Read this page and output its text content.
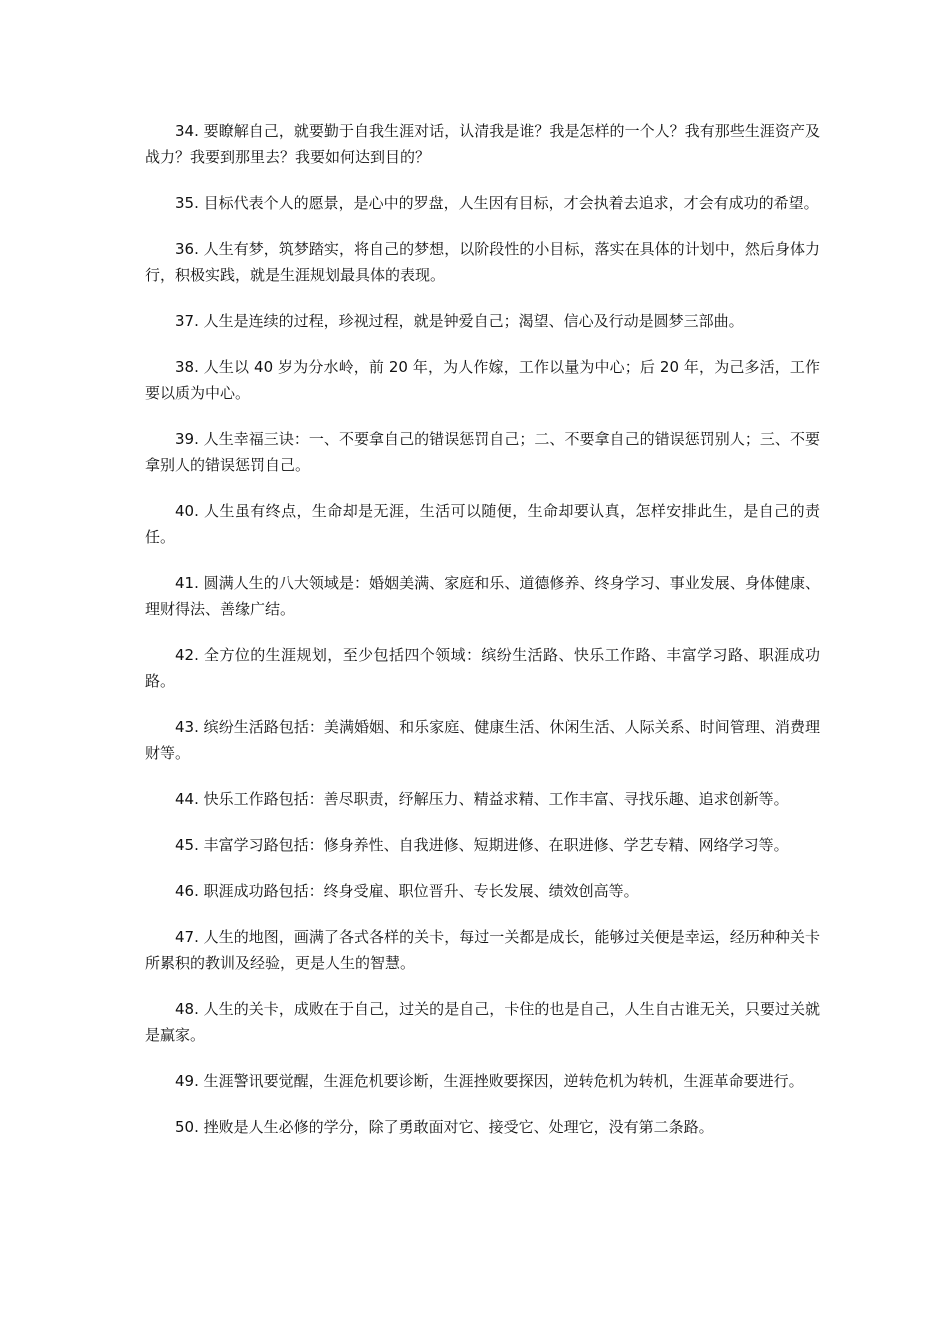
34. 要瞭解自己，就要勤于自我生涯对话，认清我是谁？我是怎样的一个人？我有那些生涯资产及战力？我要到那里去？我要如何达到目的？

35. 目标代表个人的愿景，是心中的罗盘，人生因有目标，才会执着去追求，才会有成功的希望。

36. 人生有梦，筑梦踏实，将自己的梦想，以阶段性的小目标，落实在具体的计划中，然后身体力行，积极实践，就是生涯规划最具体的表现。

37. 人生是连续的过程，珍视过程，就是钟爱自己；渴望、信心及行动是圆梦三部曲。

38. 人生以 40 岁为分水岭，前 20 年，为人作嫁，工作以量为中心；后 20 年，为己多活，工作要以质为中心。

39. 人生幸福三诀：一、不要拿自己的错误惩罚自己；二、不要拿自己的错误惩罚别人；三、不要拿别人的错误惩罚自己。

40. 人生虽有终点，生命却是无涯，生活可以随便，生命却要认真，怎样安排此生，是自己的责任。

41. 圆满人生的八大领域是：婚姻美满、家庭和乐、道德修养、终身学习、事业发展、身体健康、理财得法、善缘广结。

42. 全方位的生涯规划，至少包括四个领域：缤纷生活路、快乐工作路、丰富学习路、职涯成功路。

43. 缤纷生活路包括：美满婚姻、和乐家庭、健康生活、休闲生活、人际关系、时间管理、消费理财等。

44. 快乐工作路包括：善尽职责，纾解压力、精益求精、工作丰富、寻找乐趣、追求创新等。

45. 丰富学习路包括：修身养性、自我进修、短期进修、在职进修、学艺专精、网络学习等。

46. 职涯成功路包括：终身受雇、职位晋升、专长发展、绩效创高等。

47. 人生的地图，画满了各式各样的关卡，每过一关都是成长，能够过关便是幸运，经历种种关卡所累积的教训及经验，更是人生的智慧。

48. 人生的关卡，成败在于自己，过关的是自己，卡住的也是自己，人生自古谁无关，只要过关就是赢家。

49. 生涯警讯要觉醒，生涯危机要诊断，生涯挫败要探因，逆转危机为转机，生涯革命要进行。

50. 挫败是人生必修的学分，除了勇敢面对它、接受它、处理它，没有第二条路。
